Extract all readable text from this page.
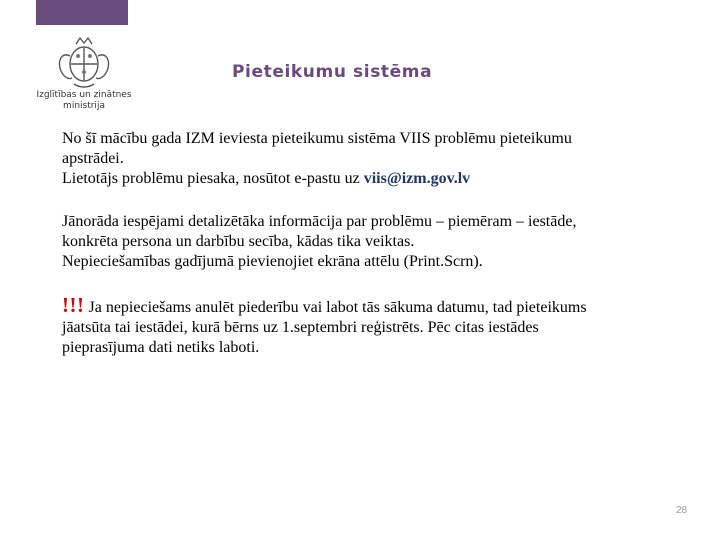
Izglītības un zinātnes
ministrija
Pieteikumu sistēma

No šī mācību gada IZM ieviesta pieteikumu sistēma VIIS problēmu pieteikumu

apstrādei.

Lietotājs problēmu piesaka, nosūtot e-pastu uz viis@izm.gov.lv

Jānorāda iespējami detalizētāka informācija par problēmu – piemēram – iestāde,

konkrēta persona un darbību secība, kādas tika veiktas.

Nepieciešamības gadījumā pievienojiet ekrāna attēlu (Print.Scrn).

!!! Ja nepieciešams anulēt piederību vai labot tās sākuma datumu, tad pieteikums

jāatsūta tai iestādei, kurā bērns uz 1.septembri reģistrēts. Pēc citas iestādes

pieprasījuma dati netiks laboti.

28
